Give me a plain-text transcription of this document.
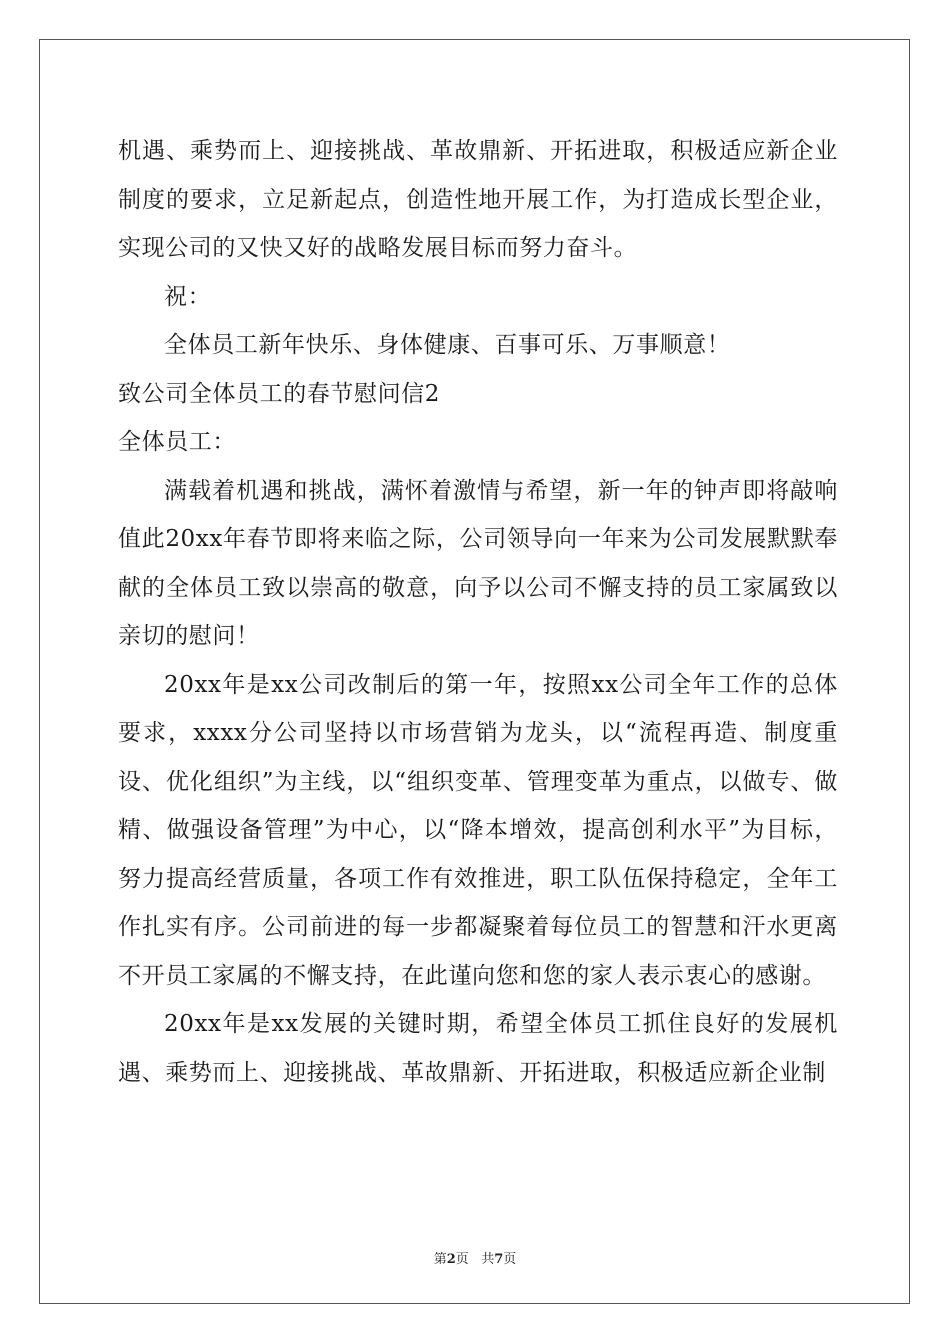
机遇、乘势而上、迎接挑战、革故鼎新、开拓进取，积极适应新企业制度的要求，立足新起点，创造性地开展工作，为打造成长型企业，实现公司的又快又好的战略发展目标而努力奋斗。

祝：

全体员工新年快乐、身体健康、百事可乐、万事顺意！

致公司全体员工的春节慰问信2

全体员工：

满载着机遇和挑战，满怀着激情与希望，新一年的钟声即将敲响值此20xx年春节即将来临之际，公司领导向一年来为公司发展默默奉献的全体员工致以崇高的敬意，向予以公司不懈支持的员工家属致以亲切的慰问！

20xx年是xx公司改制后的第一年，按照xx公司全年工作的总体要求，xxxx分公司坚持以市场营销为龙头，以“流程再造、制度重设、优化组织”为主线，以“组织变革、管理变革为重点，以做专、做精、做强设备管理”为中心，以“降本增效，提高创利水平”为目标，努力提高经营质量，各项工作有效推进，职工队伍保持稳定，全年工作扎实有序。公司前进的每一步都凝聚着每位员工的智慧和汗水更离不开员工家属的不懈支持，在此谨向您和您的家人表示衷心的感谢。

20xx年是xx发展的关键时期，希望全体员工抓住良好的发展机遇、乘势而上、迎接挑战、革故鼎新、开拓进取，积极适应新企业制

第2页 共7页
